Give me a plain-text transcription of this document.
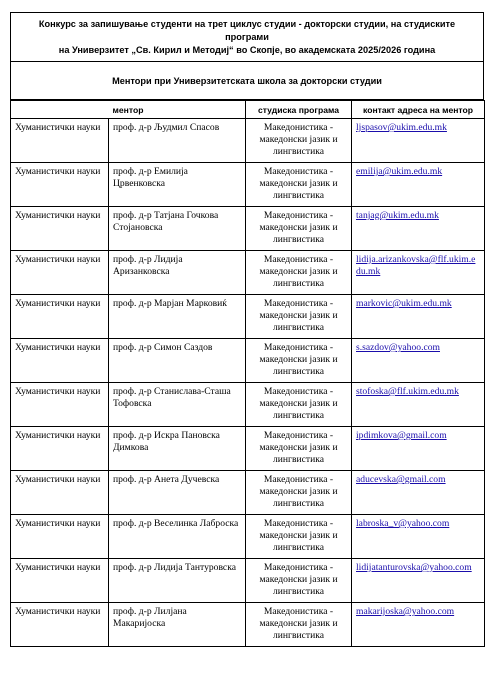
Конкурс за запишување студенти на трет циклус студии - докторски студии, на студиските програми
на Универзитет „Св. Кирил и Методиј“ во Скопје, во академската 2025/2026 година
Ментори при Универзитетската школа за докторски студии
ментор		студиска програма	контакт адреса на ментор
Хуманистички науки	проф. д-р Људмил Спасов	Македонистика - македонски јазик и лингвистика	ljspasov@ukim.edu.mk
Хуманистички науки	проф. д-р Емилија Црвенковска	Македонистика - македонски јазик и лингвистика	emilija@ukim.edu.mk
Хуманистички науки	проф. д-р Татјана Гочкова Стојановска	Македонистика - македонски јазик и лингвистика	tanjag@ukim.edu.mk
Хуманистички науки	проф. д-р Лидија Аризанковска	Македонистика - македонски јазик и лингвистика	lidija.arizankovska@flf.ukim.edu.mk
Хуманистички науки	проф. д-р Марјан Марковиќ	Македонистика - македонски јазик и лингвистика	markovic@ukim.edu.mk
Хуманистички науки	проф. д-р Симон Саздов	Македонистика - македонски јазик и лингвистика	s.sazdov@yahoo.com
Хуманистички науки	проф. д-р Станислава-Сташа Тофовска	Македонистика - македонски јазик и лингвистика	stofoska@flf.ukim.edu.mk
Хуманистички науки	проф. д-р Искра Пановска Димкова	Македонистика - македонски јазик и лингвистика	ipdimkova@gmail.com
Хуманистички науки	проф. д-р Анета Дучевска	Македонистика - македонски јазик и лингвистика	aducevska@gmail.com
Хуманистички науки	проф. д-р Веселинка Лаброска	Македонистика - македонски јазик и лингвистика	labroska_v@yahoo.com
Хуманистички науки	проф. д-р Лидија Тантуровска	Македонистика - македонски јазик и лингвистика	lidijatanturovska@yahoo.com
Хуманистички науки	проф. д-р Лилјана Макаријоска	Македонистика - македонски јазик и лингвистика	makarijoska@yahoo.com
